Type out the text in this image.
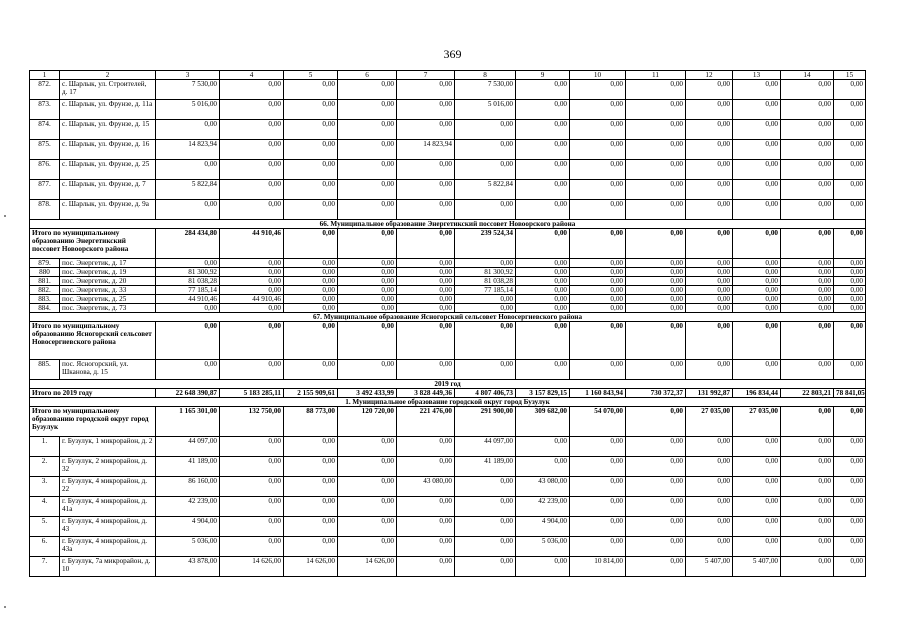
369
1	2	3	4	5	6	7	8	9	10	11	12	13	14	15
872.	с. Шарлык, ул. Строителей, д. 17	7 530,00	0,00	0,00	0,00	0,00	7 530,00	0,00	0,00	0,00	0,00	0,00	0,00	0,00
873.	с. Шарлык, ул. Фрунзе, д. 11а	5 016,00	0,00	0,00	0,00	0,00	5 016,00	0,00	0,00	0,00	0,00	0,00	0,00	0,00
874.	с. Шарлык, ул. Фрунзе, д. 15	0,00	0,00	0,00	0,00	0,00	0,00	0,00	0,00	0,00	0,00	0,00	0,00	0,00
875.	с. Шарлык, ул. Фрунзе, д. 16	14 823,94	0,00	0,00	0,00	14 823,94	0,00	0,00	0,00	0,00	0,00	0,00	0,00	0,00
876.	с. Шарлык, ул. Фрунзе, д. 25	0,00	0,00	0,00	0,00	0,00	0,00	0,00	0,00	0,00	0,00	0,00	0,00	0,00
877.	с. Шарлык, ул. Фрунзе, д. 7	5 822,84	0,00	0,00	0,00	0,00	5 822,84	0,00	0,00	0,00	0,00	0,00	0,00	0,00
878.	с. Шарлык, ул. Фрунзе, д. 9а	0,00	0,00	0,00	0,00	0,00	0,00	0,00	0,00	0,00	0,00	0,00	0,00	0,00
66. Муниципальное образование Энергетикский поссовет Новоорского района														
Итого по муниципальному образованию Энергетикский поссовет Новоорского района		284 434,80	44 910,46	0,00	0,00	0,00	239 524,34	0,00	0,00	0,00	0,00	0,00	0,00	0,00
879.	пос. Энергетик, д. 17	0,00	0,00	0,00	0,00	0,00	0,00	0,00	0,00	0,00	0,00	0,00	0,00	0,00
880	пос. Энергетик, д. 19	81 300,92	0,00	0,00	0,00	0,00	81 300,92	0,00	0,00	0,00	0,00	0,00	0,00	0,00
881.	пос. Энергетик, д. 20	81 038,28	0,00	0,00	0,00	0,00	81 038,28	0,00	0,00	0,00	0,00	0,00	0,00	0,00
882.	пос. Энергетик, д. 33	77 185,14	0,00	0,00	0,00	0,00	77 185,14	0,00	0,00	0,00	0,00	0,00	0,00	0,00
883.	пос. Энергетик, д. 25	44 910,46	44 910,46	0,00	0,00	0,00	0,00	0,00	0,00	0,00	0,00	0,00	0,00	0,00
884.	пос. Энергетик, д. 73	0,00	0,00	0,00	0,00	0,00	0,00	0,00	0,00	0,00	0,00	0,00	0,00	0,00
67. Муниципальное образование Ясногорский сельсовет Новосергиевского района														
Итого по муниципальному образованию Ясногорский сельсовет Новосергиевского района		0,00	0,00	0,00	0,00	0,00	0,00	0,00	0,00	0,00	0,00	0,00	0,00	0,00
885.	пос. Ясногорский, ул. Шканова, д. 15	0,00	0,00	0,00	0,00	0,00	0,00	0,00	0,00	0,00	0,00	0,00	0,00	0,00
2019 год														
Итого по 2019 году		22 648 390,87	5 183 285,11	2 155 909,61	3 492 433,99	3 828 449,36	4 807 406,73	3 157 829,15	1 160 843,94	730 372,37	131 992,87	196 834,44	22 803,21	78 841,05
1. Муниципальное образование городской округ город Бузулук														
Итого по муниципальному образованию городской округ город Бузулук		1 165 301,00	132 750,00	88 773,00	120 720,00	221 476,00	291 900,00	309 682,00	54 070,00	0,00	27 035,00	27 035,00	0,00	0,00
1.	г. Бузулук, 1 микрорайон, д. 2	44 097,00	0,00	0,00	0,00	0,00	44 097,00	0,00	0,00	0,00	0,00	0,00	0,00	0,00
2.	г. Бузулук, 2 микрорайон, д. 32	41 189,00	0,00	0,00	0,00	0,00	41 189,00	0,00	0,00	0,00	0,00	0,00	0,00	0,00
3.	г. Бузулук, 4 микрорайон, д. 22	86 160,00	0,00	0,00	0,00	43 080,00	0,00	43 080,00	0,00	0,00	0,00	0,00	0,00	0,00
4.	г. Бузулук, 4 микрорайон, д. 41а	42 239,00	0,00	0,00	0,00	0,00	0,00	42 239,00	0,00	0,00	0,00	0,00	0,00	0,00
5.	г. Бузулук, 4 микрорайон, д. 43	4 904,00	0,00	0,00	0,00	0,00	0,00	4 904,00	0,00	0,00	0,00	0,00	0,00	0,00
6.	г. Бузулук, 4 микрорайон, д. 43а	5 036,00	0,00	0,00	0,00	0,00	0,00	5 036,00	0,00	0,00	0,00	0,00	0,00	0,00
7.	г. Бузулук, 7а микрорайон, д. 10	43 878,00	14 626,00	14 626,00	14 626,00	0,00	0,00	0,00	10 814,00	0,00	5 407,00	5 407,00	0,00	0,00
